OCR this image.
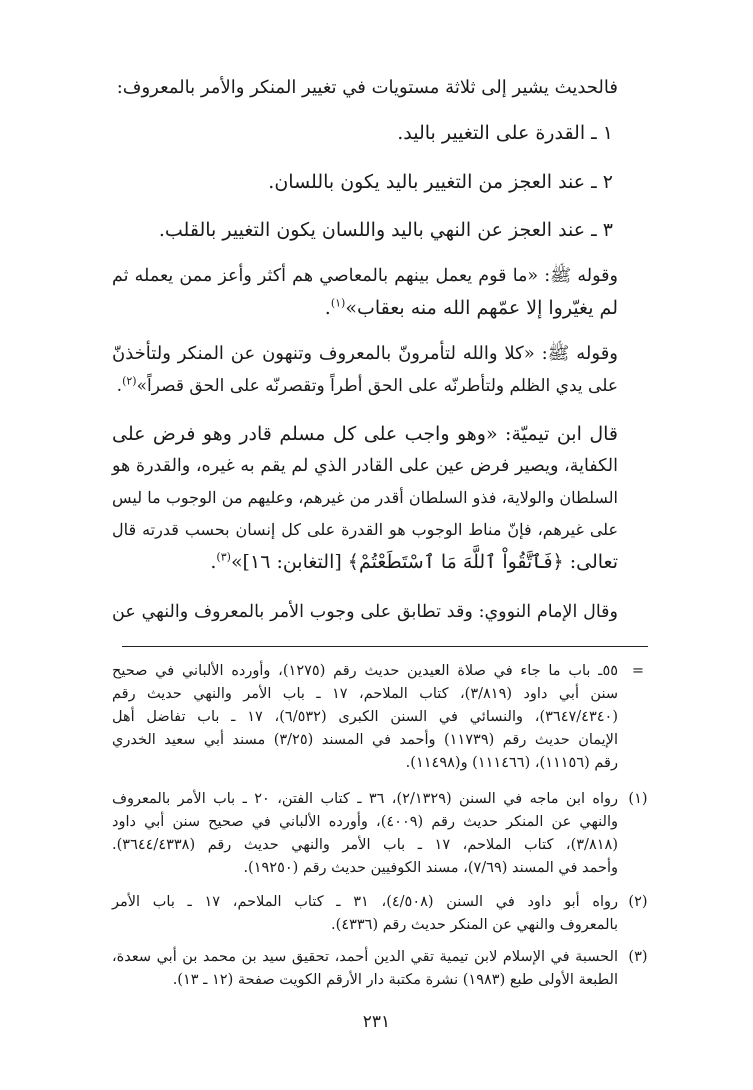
فالحديث يشير إلى ثلاثة مستويات في تغيير المنكر والأمر بالمعروف:
١ ـ القدرة على التغيير باليد.
٢ ـ عند العجز من التغيير باليد يكون باللسان.
٣ ـ عند العجز عن النهي باليد واللسان يكون التغيير بالقلب.
وقوله ﷺ: «ما قوم يعمل بينهم بالمعاصي هم أكثر وأعز ممن يعمله ثم
لم يغيّروا إلا عمّهم الله منه بعقاب»$^{(١)}$.
وقوله ﷺ: «كلا والله لتأمرونّ بالمعروف وتنهون عن المنكر ولتأخذنّ
على يدي الظلم ولتأطرنّه على الحق أطراً وتقصرنّه على الحق قصراً»$^{(٢)}$.
قال ابن تيميّة: «وهو واجب على كل مسلم قادر وهو فرض على
الكفاية، ويصير فرض عين على القادر الذي لم يقم به غيره، والقدرة هو
السلطان والولاية، فذو السلطان أقدر من غيرهم، وعليهم من الوجوب ما ليس
على غيرهم، فإنّ مناط الوجوب هو القدرة على كل إنسان بحسب قدرته قال
تعالى: ﴿فَٱتَّقُواْ ٱللَّهَ مَا ٱسْتَطَعْتُمْ﴾ [التغابن: ١٦]»$^{(٣)}$.
وقال الإمام النووي: وقد تطابق على وجوب الأمر بالمعروف والنهي عن
=
٥٥ـ باب ما جاء في صلاة العيدين حديث رقم (١٢٧٥)، وأورده الألباني في صحيح
سنن أبي داود (٣/٨١٩)، كتاب الملاحم، ١٧ ـ باب الأمر والنهي حديث رقم
(٣٦٤٧/٤٣٤٠)، والنسائي في السنن الكبرى (٦/٥٣٢)، ١٧ ـ باب تفاضل أهل
الإيمان حديث رقم (١١٧٣٩) وأحمد في المسند (٣/٢٥) مسند أبي سعيد الخدري
رقم (١١١٥٦)، (١١١٤٦٦) و(١١٤٩٨).
(١)
رواه ابن ماجه في السنن (٢/١٣٢٩)، ٣٦ ـ كتاب الفتن، ٢٠ ـ باب الأمر بالمعروف
والنهي عن المنكر حديث رقم (٤٠٠٩)، وأورده الألباني في صحيح سنن أبي داود
(٣/٨١٨)، كتاب الملاحم، ١٧ ـ باب الأمر والنهي حديث رقم (٣٦٤٤/٤٣٣٨).
وأحمد في المسند (٧/٦٩)، مسند الكوفيين حديث رقم (١٩٢٥٠).
(٢)
رواه أبو داود في السنن (٤/٥٠٨)، ٣١ ـ كتاب الملاحم، ١٧ ـ باب الأمر
بالمعروف والنهي عن المنكر حديث رقم (٤٣٣٦).
(٣)
الحسبة في الإسلام لابن تيمية تقي الدين أحمد، تحقيق سيد بن محمد بن أبي سعدة،
الطبعة الأولى طبع (١٩٨٣) نشرة مكتبة دار الأرقم الكويت صفحة (١٢ ـ ١٣).
٢٣١
